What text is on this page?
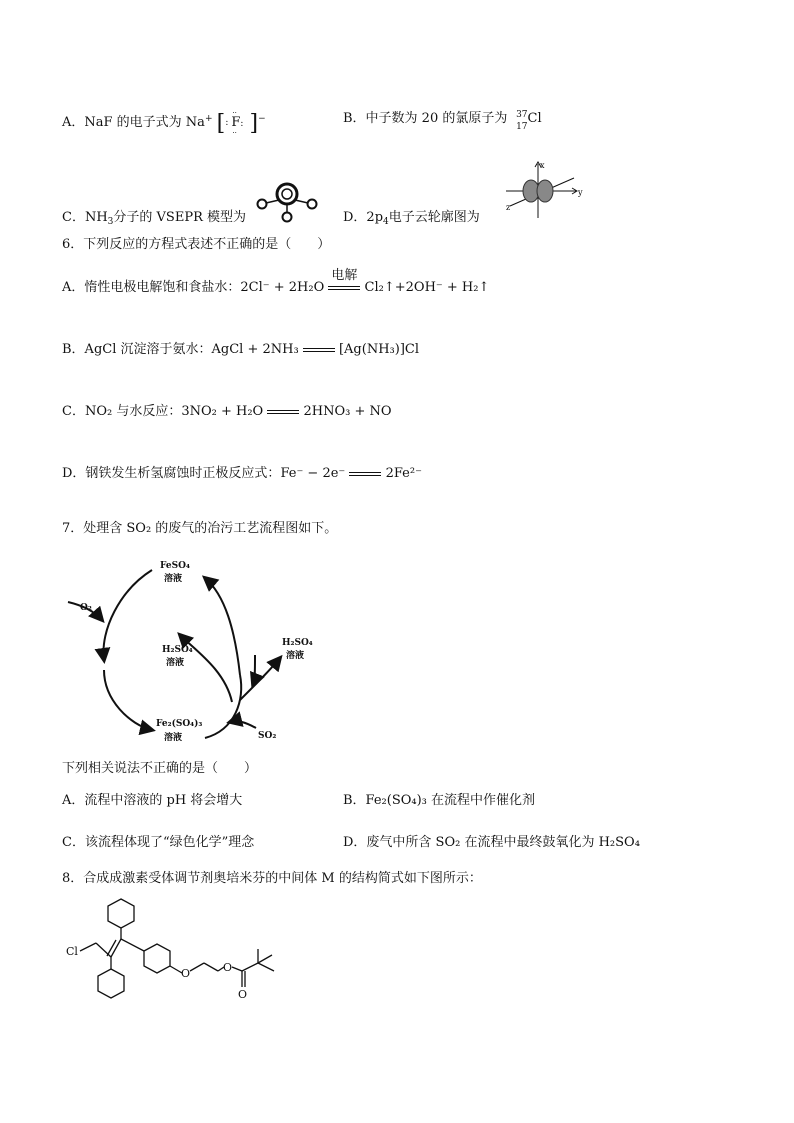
A．NaF 的电子式为 Na+ [ ··
··
: F: ]−	B．中子数为 20 的氯原子为 37
17
Cl
C．$NH_3$分子的 VSEPR 模型为
x
y
z
D．$2p_4$电子云轮廓图为
6．下列反应的方程式表述不正确的是（　　）
A．惰性电极电解饱和食盐水：2Cl⁻ + 2H₂O
电解
Cl₂↑+2OH⁻ + H₂↑
B．AgCl 沉淀溶于氨水：AgCl + 2NH₃	[Ag(NH₃)]Cl
C．NO₂ 与水反应：3NO₂ + H₂O	2HNO₃ + NO
D．钢铁发生析氢腐蚀时正极反应式：Fe⁻ − 2e⁻	2Fe²⁻
7．处理含 SO₂ 的废气的冶污工艺流程图如下。
FeSO₄
溶液
O₂
H₂SO₄
溶液
H₂SO₄
溶液
Fe₂(SO₄)₃
溶液	SO₂
下列相关说法不正确的是（　　）
A．流程中溶液的 pH 将会增大	B．Fe₂(SO₄)₃ 在流程中作催化剂
C．该流程体现了“绿色化学”理念	D．废气中所含 SO₂ 在流程中最终鼓氧化为 H₂SO₄
8．合成成激素受体调节剂奥培米芬的中间体 M 的结构简式如下图所示：
Cl
O	O
O
